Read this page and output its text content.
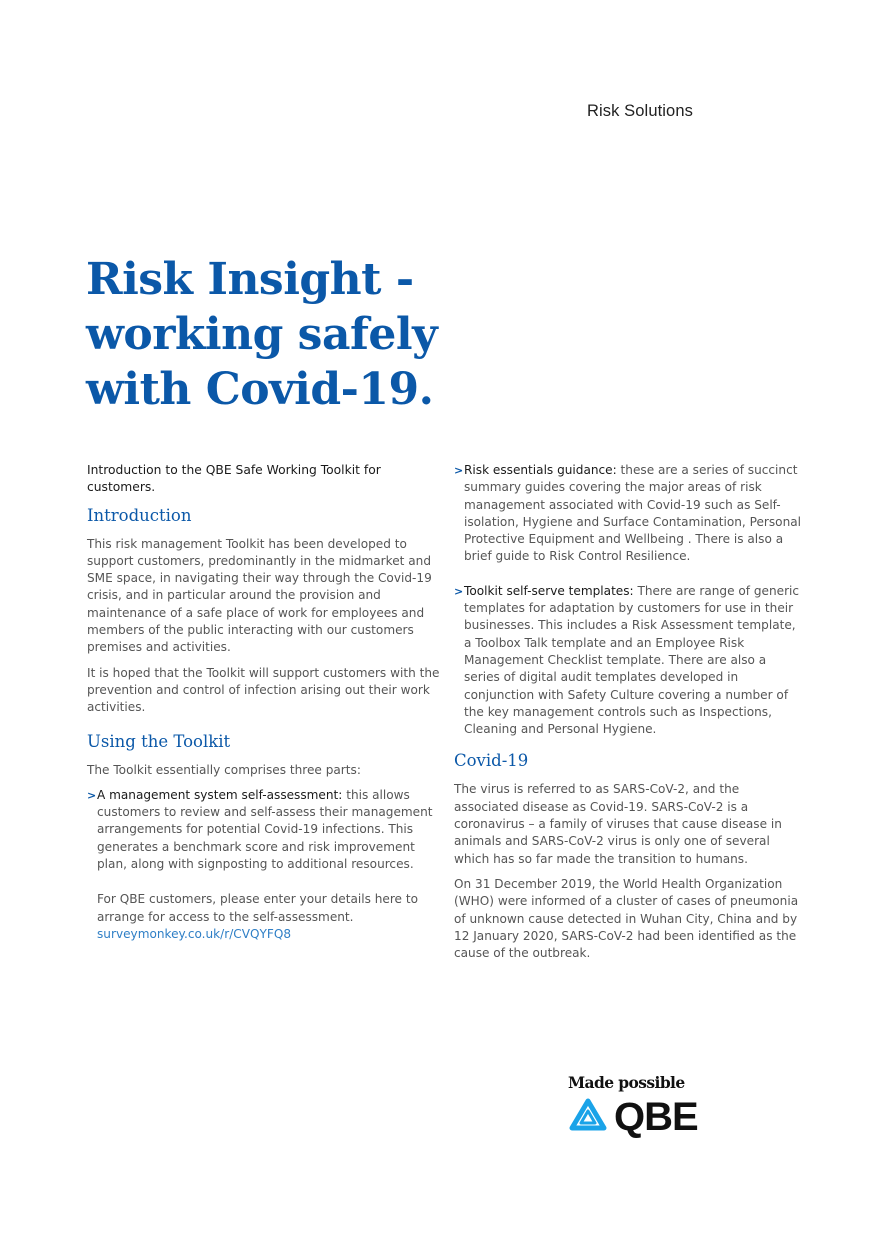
Risk Solutions
Risk Insight -
working safely
with Covid-19.

Introduction to the QBE Safe Working Toolkit for customers.

Introduction

This risk management Toolkit has been developed to support customers, predominantly in the midmarket and SME space, in navigating their way through the Covid-19 crisis, and in particular around the provision and maintenance of a safe place of work for employees and members of the public interacting with our customers premises and activities.

It is hoped that the Toolkit will support customers with the prevention and control of infection arising out their work activities.

Using the Toolkit

The Toolkit essentially comprises three parts:

> A management system self-assessment: this allows customers to review and self-assess their management arrangements for potential Covid-19 infections. This generates a benchmark score and risk improvement plan, along with signposting to additional resources.
For QBE customers, please enter your details here to arrange for access to the self-assessment.
surveymonkey.co.uk/r/CVQYFQ8
> Risk essentials guidance: these are a series of succinct summary guides covering the major areas of risk management associated with Covid-19 such as Self-isolation, Hygiene and Surface Contamination, Personal Protective Equipment and Wellbeing . There is also a brief guide to Risk Control Resilience.
> Toolkit self-serve templates: There are range of generic templates for adaptation by customers for use in their businesses. This includes a Risk Assessment template, a Toolbox Talk template and an Employee Risk Management Checklist template. There are also a series of digital audit templates developed in conjunction with Safety Culture covering a number of the key management controls such as Inspections, Cleaning and Personal Hygiene.
Covid-19

The virus is referred to as SARS-CoV-2, and the associated disease as Covid-19. SARS-CoV-2 is a coronavirus – a family of viruses that cause disease in animals and SARS-CoV-2 virus is only one of several which has so far made the transition to humans.

On 31 December 2019, the World Health Organization (WHO) were informed of a cluster of cases of pneumonia of unknown cause detected in Wuhan City, China and by 12 January 2020, SARS-CoV-2 had been identified as the cause of the outbreak.

Made possible

QBE
